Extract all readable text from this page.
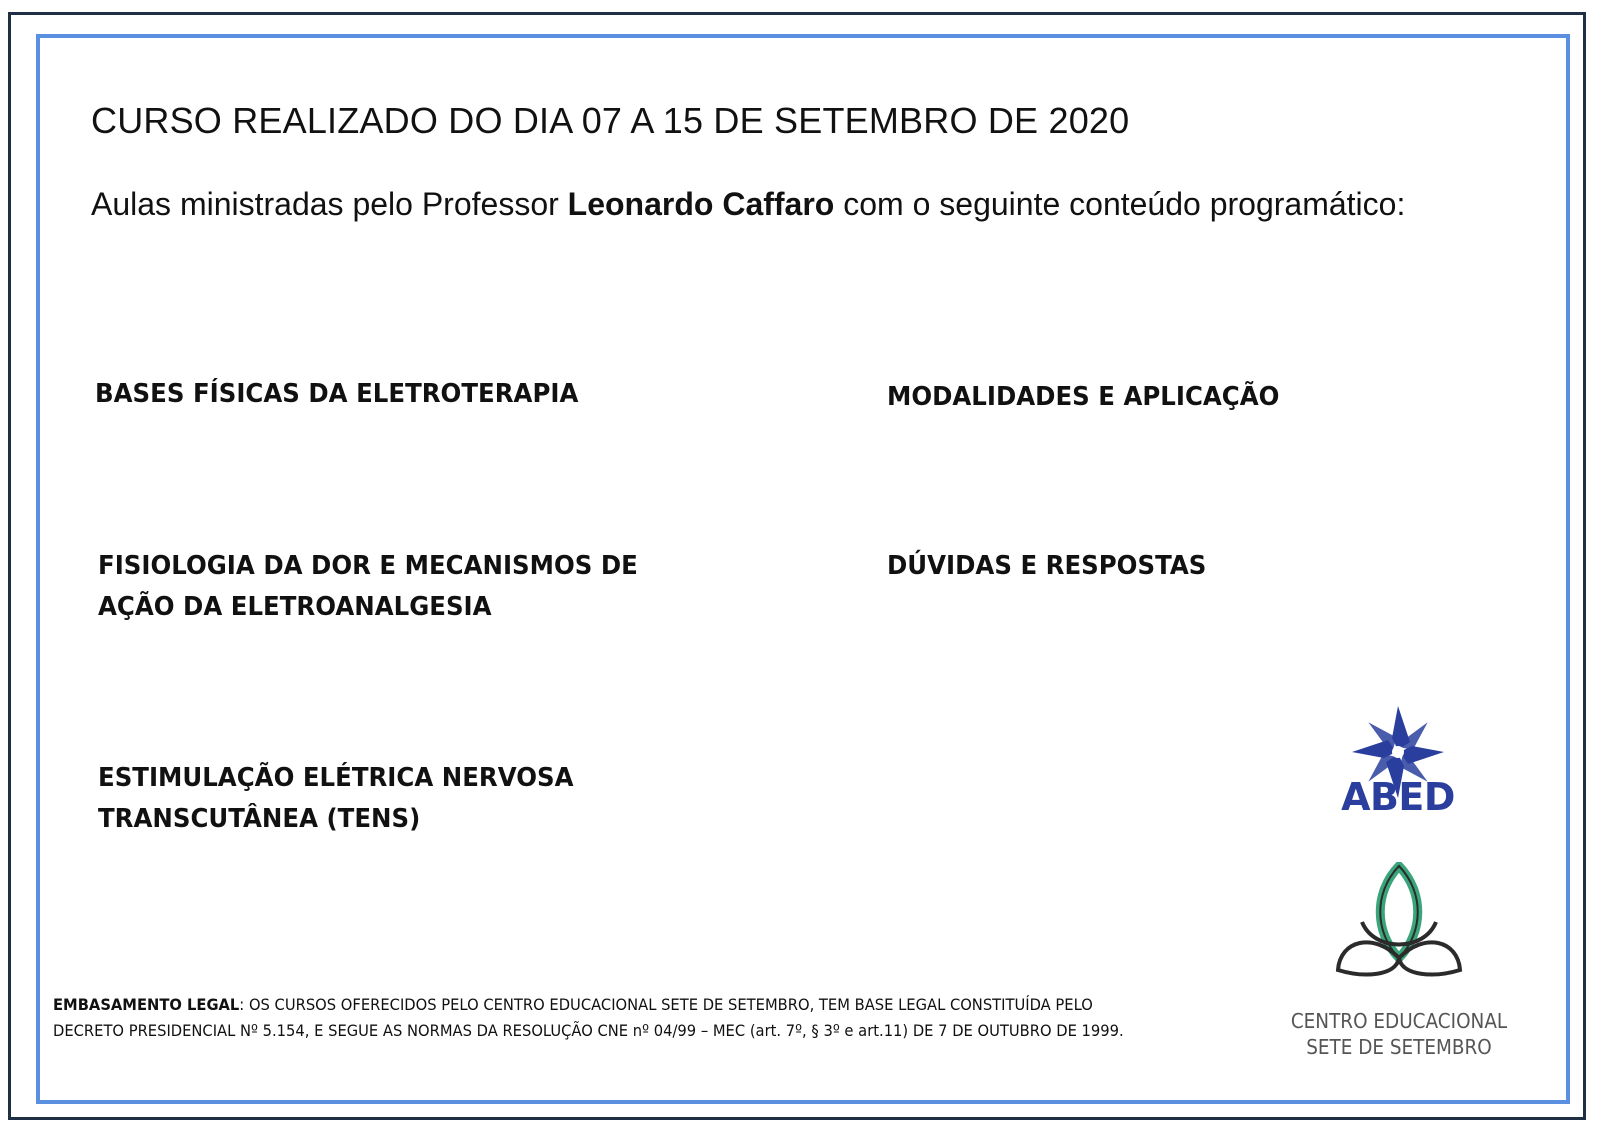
CURSO REALIZADO DO DIA 07 A 15 DE SETEMBRO DE 2020
Aulas ministradas pelo Professor Leonardo Caffaro com o seguinte conteúdo programático:
BASES FÍSICAS DA ELETROTERAPIA	MODALIDADES E APLICAÇÃO
FISIOLOGIA DA DOR E MECANISMOS DE
AÇÃO DA ELETROANALGESIA
DÚVIDAS E RESPOSTAS
ESTIMULAÇÃO ELÉTRICA NERVOSA
TRANSCUTÂNEA (TENS)
EMBASAMENTO LEGAL: OS CURSOS OFERECIDOS PELO CENTRO EDUCACIONAL SETE DE SETEMBRO, TEM BASE LEGAL CONSTITUÍDA PELO DECRETO PRESIDENCIAL Nº 5.154, E SEGUE AS NORMAS DA RESOLUÇÃO CNE nº 04/99 – MEC (art. 7º, § 3º e art.11) DE 7 DE OUTUBRO DE 1999.
ABED
CENTRO EDUCACIONAL
SETE DE SETEMBRO
